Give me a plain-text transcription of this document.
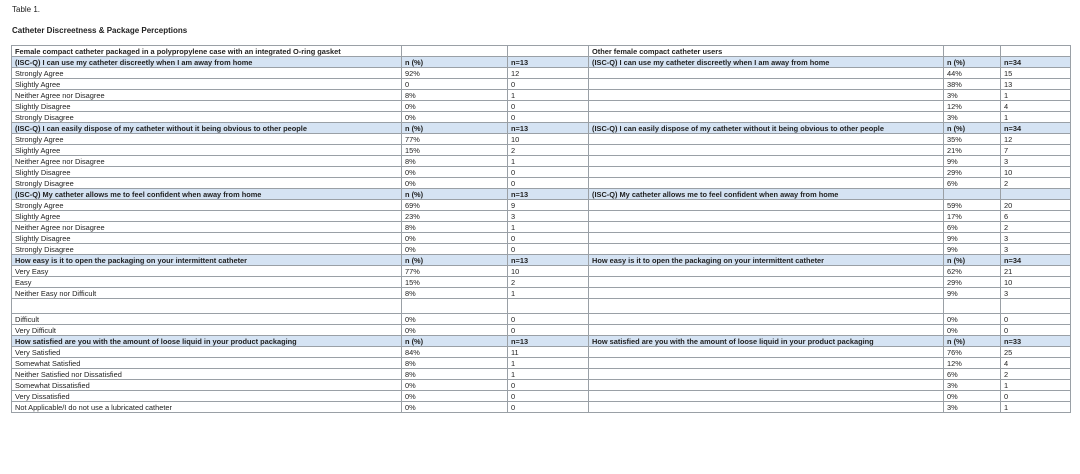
Table 1.
Catheter Discreetness & Package Perceptions
Female compact catheter packaged in a polypropylene case with an integrated O-ring gasket			Other female compact catheter users		
(ISC-Q) I can use my catheter discreetly when I am away from home	n (%)	n=13	(ISC-Q) I can use my catheter discreetly when I am away from home	n (%)	n=34
Strongly Agree	92%	12		44%	15
Slightly Agree	0	0		38%	13
Neither Agree nor Disagree	8%	1		3%	1
Slightly Disagree	0%	0		12%	4
Strongly Disagree	0%	0		3%	1
(ISC-Q) I can easily dispose of my catheter without it being obvious to other people	n (%)	n=13	(ISC-Q) I can easily dispose of my catheter without it being obvious to other people	n (%)	n=34
Strongly Agree	77%	10		35%	12
Slightly Agree	15%	2		21%	7
Neither Agree nor Disagree	8%	1		9%	3
Slightly Disagree	0%	0		29%	10
Strongly Disagree	0%	0		6%	2
(ISC-Q) My catheter allows me to feel confident when away from home	n (%)	n=13	(ISC-Q) My catheter allows me to feel confident when away from home		
Strongly Agree	69%	9		59%	20
Slightly Agree	23%	3		17%	6
Neither Agree nor Disagree	8%	1		6%	2
Slightly Disagree	0%	0		9%	3
Strongly Disagree	0%	0		9%	3
How easy is it to open the packaging on your intermittent catheter	n (%)	n=13	How easy is it to open the packaging on your intermittent catheter	n (%)	n=34
Very Easy	77%	10		62%	21
Easy	15%	2		29%	10
Neither Easy nor Difficult	8%	1		9%	3

Difficult	0%	0		0%	0
Very Difficult	0%	0		0%	0
How satisfied are you with the amount of loose liquid in your product packaging	n (%)	n=13	How satisfied are you with the amount of loose liquid in your product packaging	n (%)	n=33
Very Satisfied	84%	11		76%	25
Somewhat Satisfied	8%	1		12%	4
Neither Satisfied nor Dissatisfied	8%	1		6%	2
Somewhat Dissatisfied	0%	0		3%	1
Very Dissatisfied	0%	0		0%	0
Not Applicable/I do not use a lubricated catheter	0%	0		3%	1
